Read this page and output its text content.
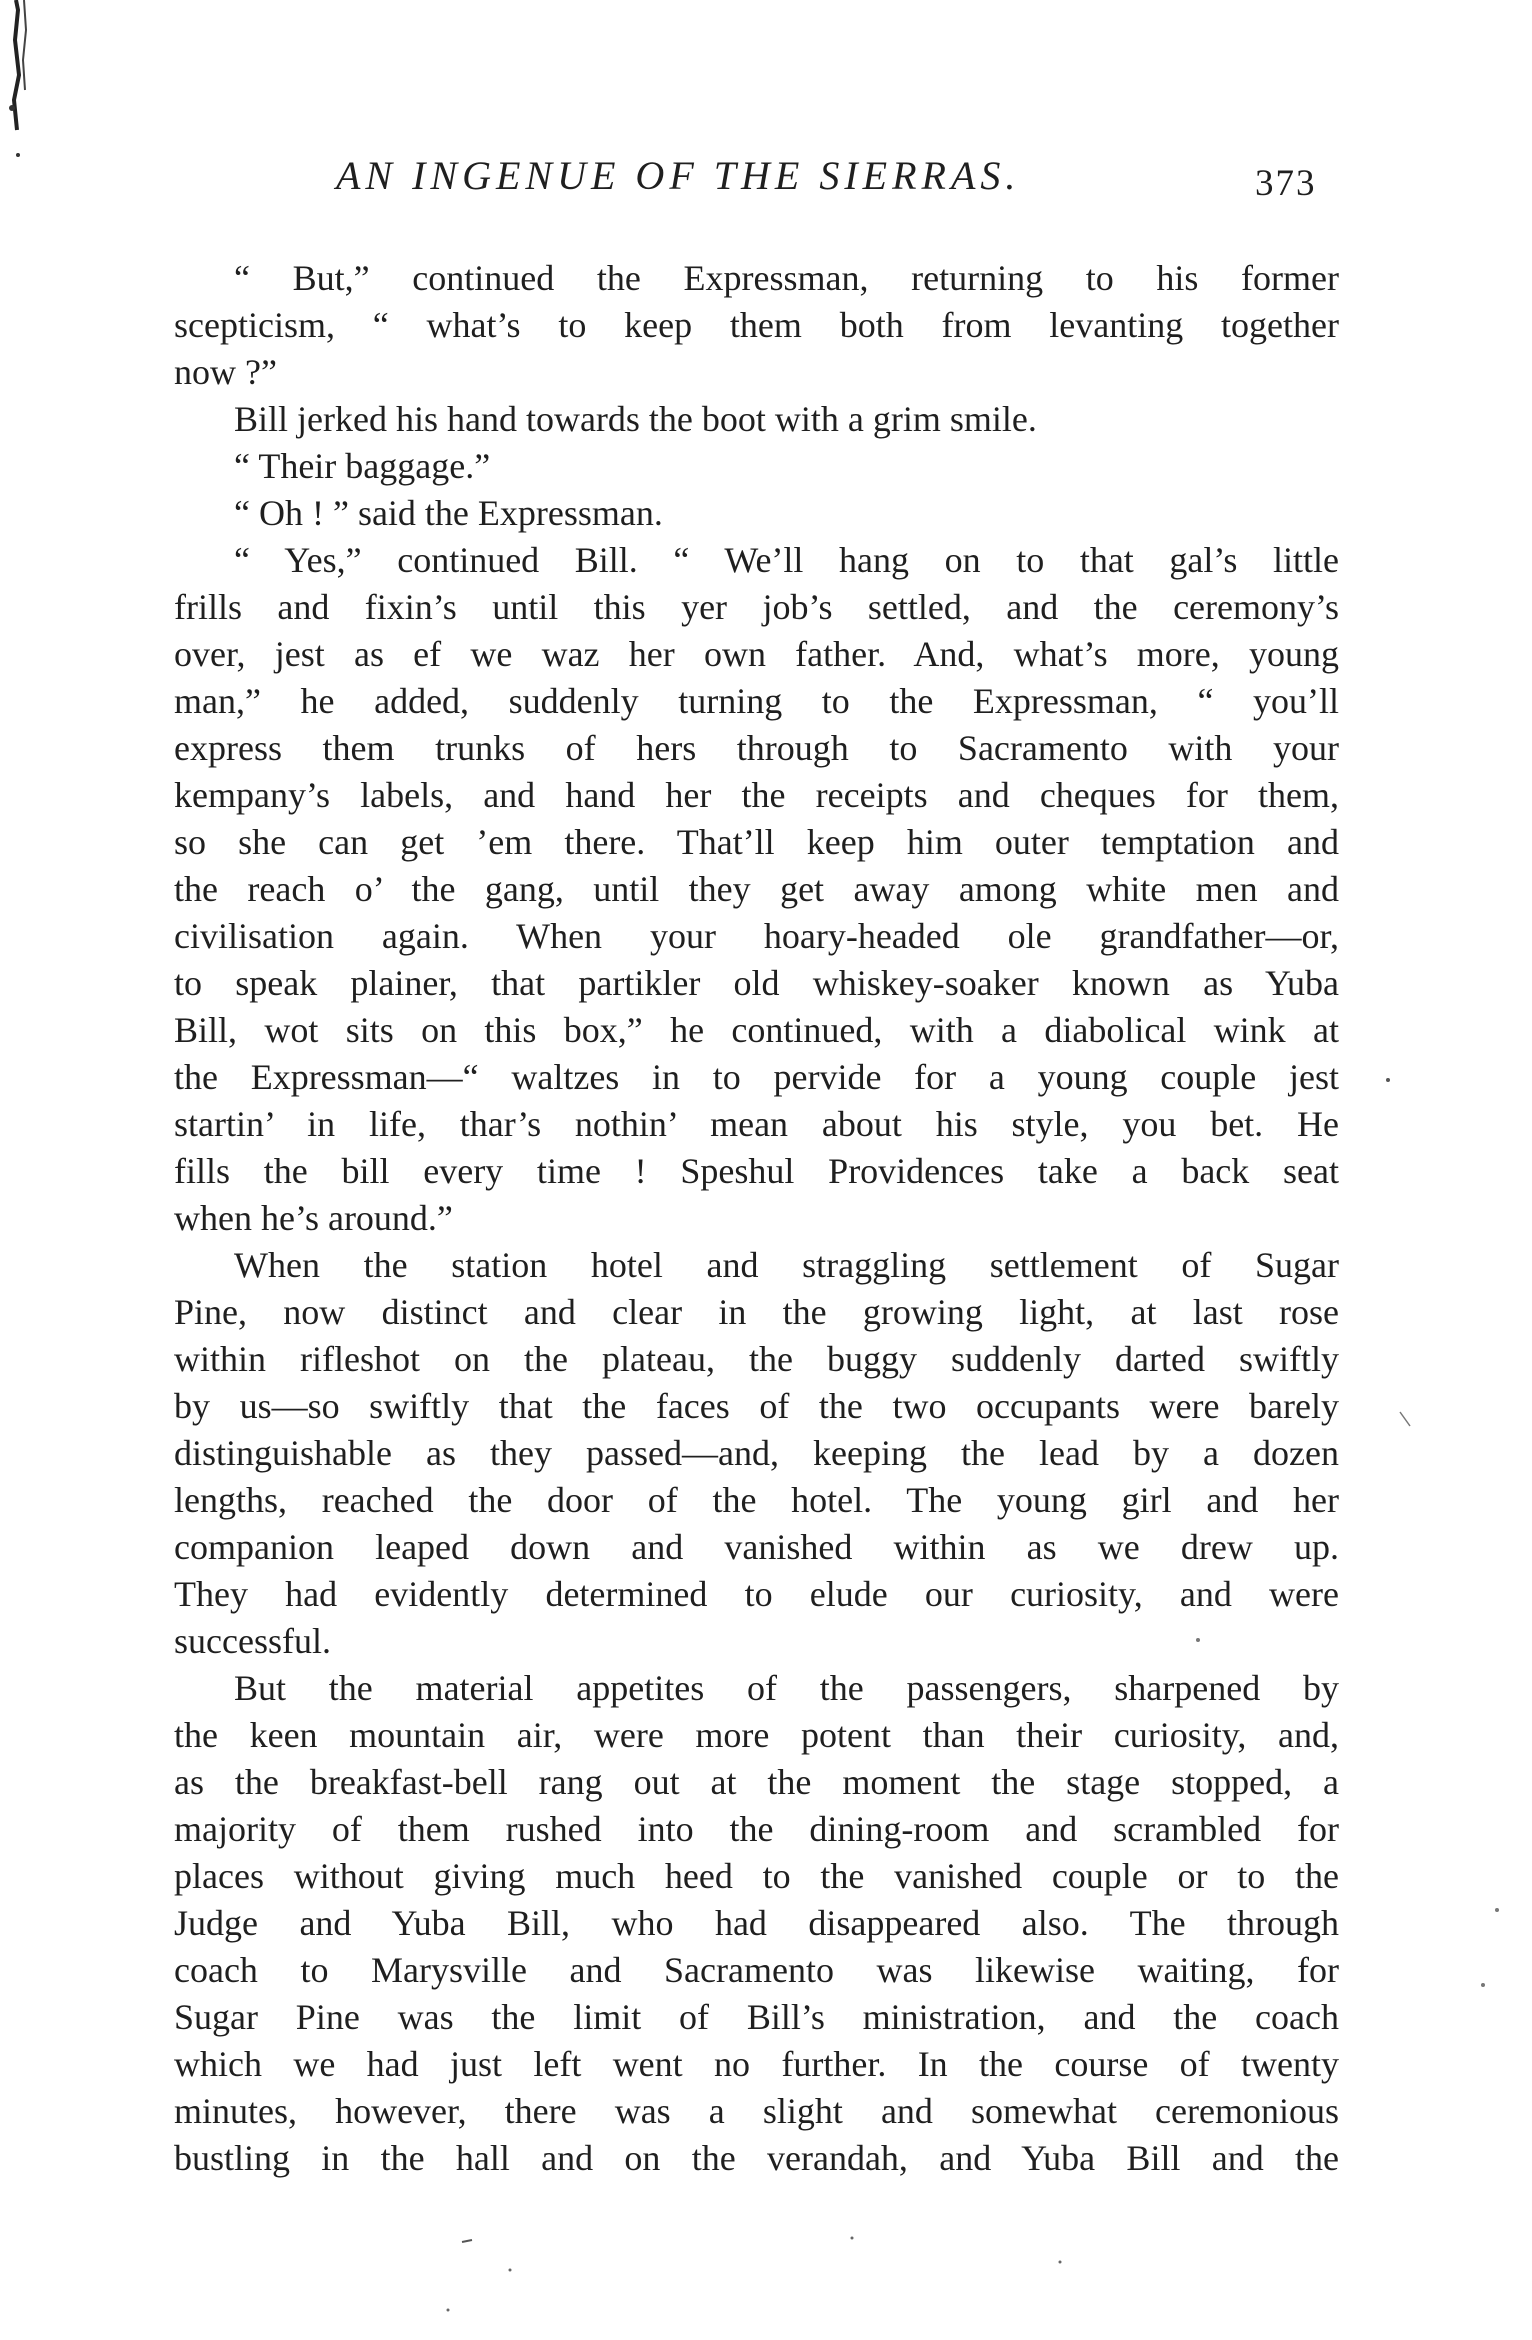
AN INGENUE OF THE SIERRAS.	373
“ But,” continued the Expressman, returning to his former
scepticism, “ what’s to keep them both from levanting together
now ?”
Bill jerked his hand towards the boot with a grim smile.
“ Their baggage.”
“ Oh ! ” said the Expressman.
“ Yes,” continued Bill. “ We’ll hang on to that gal’s little
frills and fixin’s until this yer job’s settled, and the ceremony’s
over, jest as ef we waz her own father. And, what’s more, young
man,” he added, suddenly turning to the Expressman, “ you’ll
express them trunks of hers through to Sacramento with your
kempany’s labels, and hand her the receipts and cheques for them,
so she can get ’em there. That’ll keep him outer temptation and
the reach o’ the gang, until they get away among white men and
civilisation again. When your hoary-headed ole grandfather—or,
to speak plainer, that partikler old whiskey-soaker known as Yuba
Bill, wot sits on this box,” he continued, with a diabolical wink at
the Expressman—“ waltzes in to pervide for a young couple jest
startin’ in life, thar’s nothin’ mean about his style, you bet. He
fills the bill every time ! Speshul Providences take a back seat
when he’s around.”
When the station hotel and straggling settlement of Sugar
Pine, now distinct and clear in the growing light, at last rose
within rifleshot on the plateau, the buggy suddenly darted swiftly
by us—so swiftly that the faces of the two occupants were barely
distinguishable as they passed—and, keeping the lead by a dozen
lengths, reached the door of the hotel. The young girl and her
companion leaped down and vanished within as we drew up.
They had evidently determined to elude our curiosity, and were
successful.
But the material appetites of the passengers, sharpened by
the keen mountain air, were more potent than their curiosity, and,
as the breakfast-bell rang out at the moment the stage stopped, a
majority of them rushed into the dining-room and scrambled for
places without giving much heed to the vanished couple or to the
Judge and Yuba Bill, who had disappeared also. The through
coach to Marysville and Sacramento was likewise waiting, for
Sugar Pine was the limit of Bill’s ministration, and the coach
which we had just left went no further. In the course of twenty
minutes, however, there was a slight and somewhat ceremonious
bustling in the hall and on the verandah, and Yuba Bill and the
